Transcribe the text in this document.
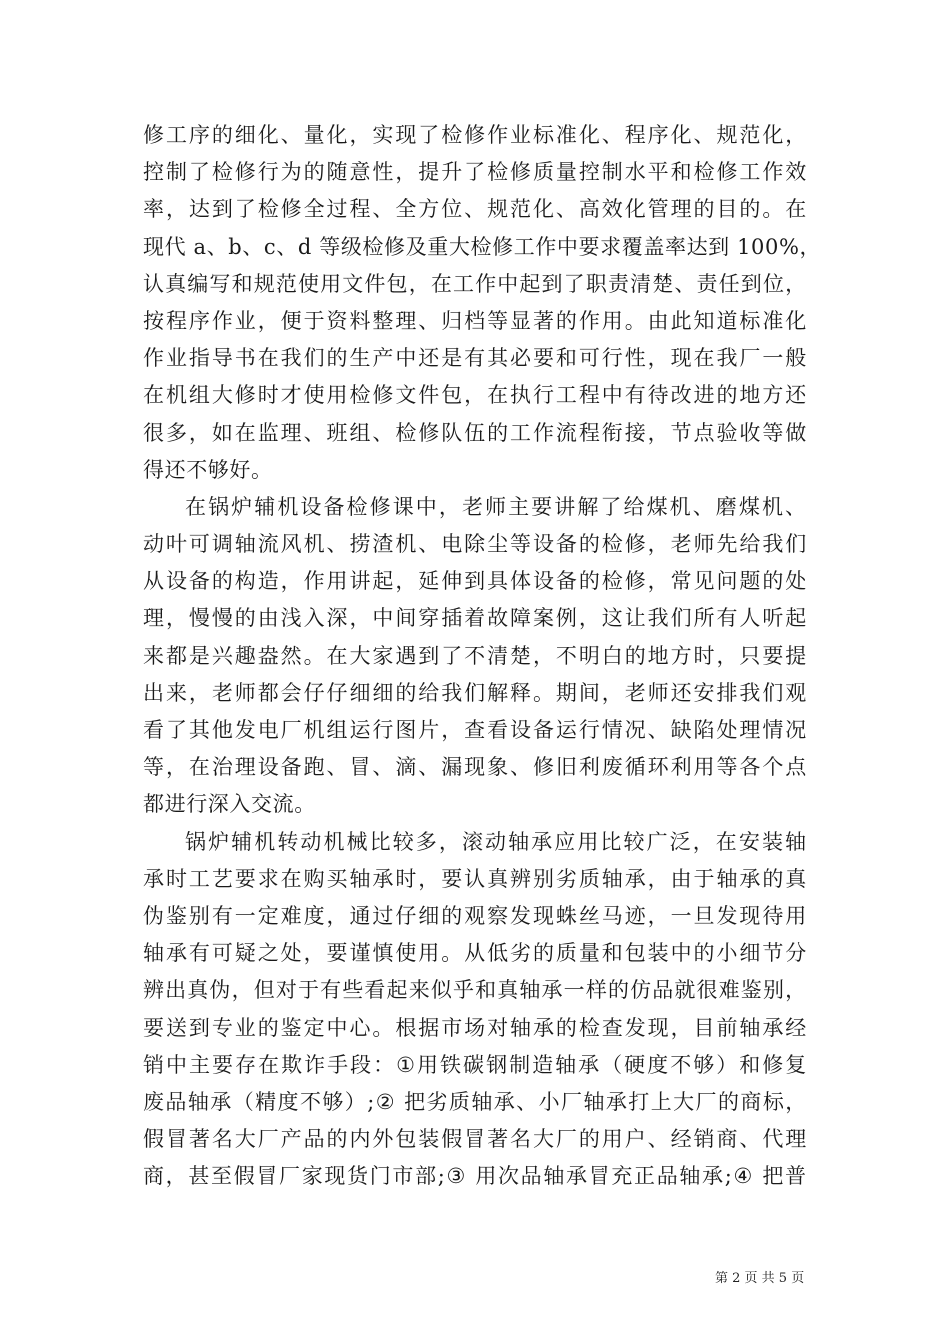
修 工 序 的 细 化 、 量 化 ， 实 现 了 检 修 作 业 标 准 化 、 程 序 化 、 规 范 化 ，
控 制 了 检 修 行 为 的 随 意 性 ， 提 升 了 检 修 质 量 控 制 水 平 和 检 修 工 作 效
率 ， 达 到 了 检 修 全 过 程 、 全 方 位 、 规 范 化 、 高 效 化 管 理 的 目 的 。 在
现 代
a 、 b 、 c 、 d
等 级 检 修 及 重 大 检 修 工 作 中 要 求 覆 盖 率 达 到
1 0 0 % ，
认 真 编 写 和 规 范 使 用 文 件 包 ， 在 工 作 中 起 到 了 职 责 清 楚 、 责 任 到 位 ，
按 程 序 作 业 ， 便 于 资 料 整 理 、 归 档 等 显 著 的 作 用 。 由 此 知 道 标 准 化
作 业 指 导 书 在 我 们 的 生 产 中 还 是 有 其 必 要 和 可 行 性 ， 现 在 我 厂 一 般
在 机 组 大 修 时 才 使 用 检 修 文 件 包 ， 在 执 行 工 程 中 有 待 改 进 的 地 方 还
很 多 ， 如 在 监 理 、 班 组 、 检 修 队 伍 的 工 作 流 程 衔 接 ， 节 点 验 收 等 做
得还不够好。
在 锅 炉 辅 机 设 备 检 修 课 中 ， 老 师 主 要 讲 解 了 给 煤 机 、 磨 煤 机 、
动 叶 可 调 轴 流 风 机 、 捞 渣 机 、 电 除 尘 等 设 备 的 检 修 ， 老 师 先 给 我 们
从 设 备 的 构 造 ， 作 用 讲 起 ， 延 伸 到 具 体 设 备 的 检 修 ， 常 见 问 题 的 处
理 ， 慢 慢 的 由 浅 入 深 ， 中 间 穿 插 着 故 障 案 例 ， 这 让 我 们 所 有 人 听 起
来 都 是 兴 趣 盎 然 。 在 大 家 遇 到 了 不 清 楚 ， 不 明 白 的 地 方 时 ， 只 要 提
出 来 ， 老 师 都 会 仔 仔 细 细 的 给 我 们 解 释 。 期 间 ， 老 师 还 安 排 我 们 观
看 了 其 他 发 电 厂 机 组 运 行 图 片 ， 查 看 设 备 运 行 情 况 、 缺 陷 处 理 情 况
等 ， 在 治 理 设 备 跑 、 冒 、 滴 、 漏 现 象 、 修 旧 利 废 循 环 利 用 等 各 个 点
都进行深入交流。
锅 炉 辅 机 转 动 机 械 比 较 多 ， 滚 动 轴 承 应 用 比 较 广 泛 ， 在 安 装 轴
承 时 工 艺 要 求 在 购 买 轴 承 时 ， 要 认 真 辨 别 劣 质 轴 承 ， 由 于 轴 承 的 真
伪 鉴 别 有 一 定 难 度 ， 通 过 仔 细 的 观 察 发 现 蛛 丝 马 迹 ， 一 旦 发 现 待 用
轴 承 有 可 疑 之 处 ， 要 谨 慎 使 用 。 从 低 劣 的 质 量 和 包 装 中 的 小 细 节 分
辨 出 真 伪 ， 但 对 于 有 些 看 起 来 似 乎 和 真 轴 承 一 样 的 仿 品 就 很 难 鉴 别 ，
要 送 到 专 业 的 鉴 定 中 心 。 根 据 市 场 对 轴 承 的 检 查 发 现 ， 目 前 轴 承 经
销 中 主 要 存 在 欺 诈 手 段 ： ① 用 铁 碳 钢 制 造 轴 承 （ 硬 度 不 够 ） 和 修 复
废 品 轴 承 （ 精 度 不 够 ） ; ②
把 劣 质 轴 承 、 小 厂 轴 承 打 上 大 厂 的 商 标 ，
假 冒 著 名 大 厂 产 品 的 内 外 包 装 假 冒 著 名 大 厂 的 用 户 、 经 销 商 、 代 理
商 ， 甚 至 假 冒 厂 家 现 货 门 市 部 ; ③
用 次 品 轴 承 冒 充 正 品 轴 承 ; ④
把 普
第 2 页 共 5 页
